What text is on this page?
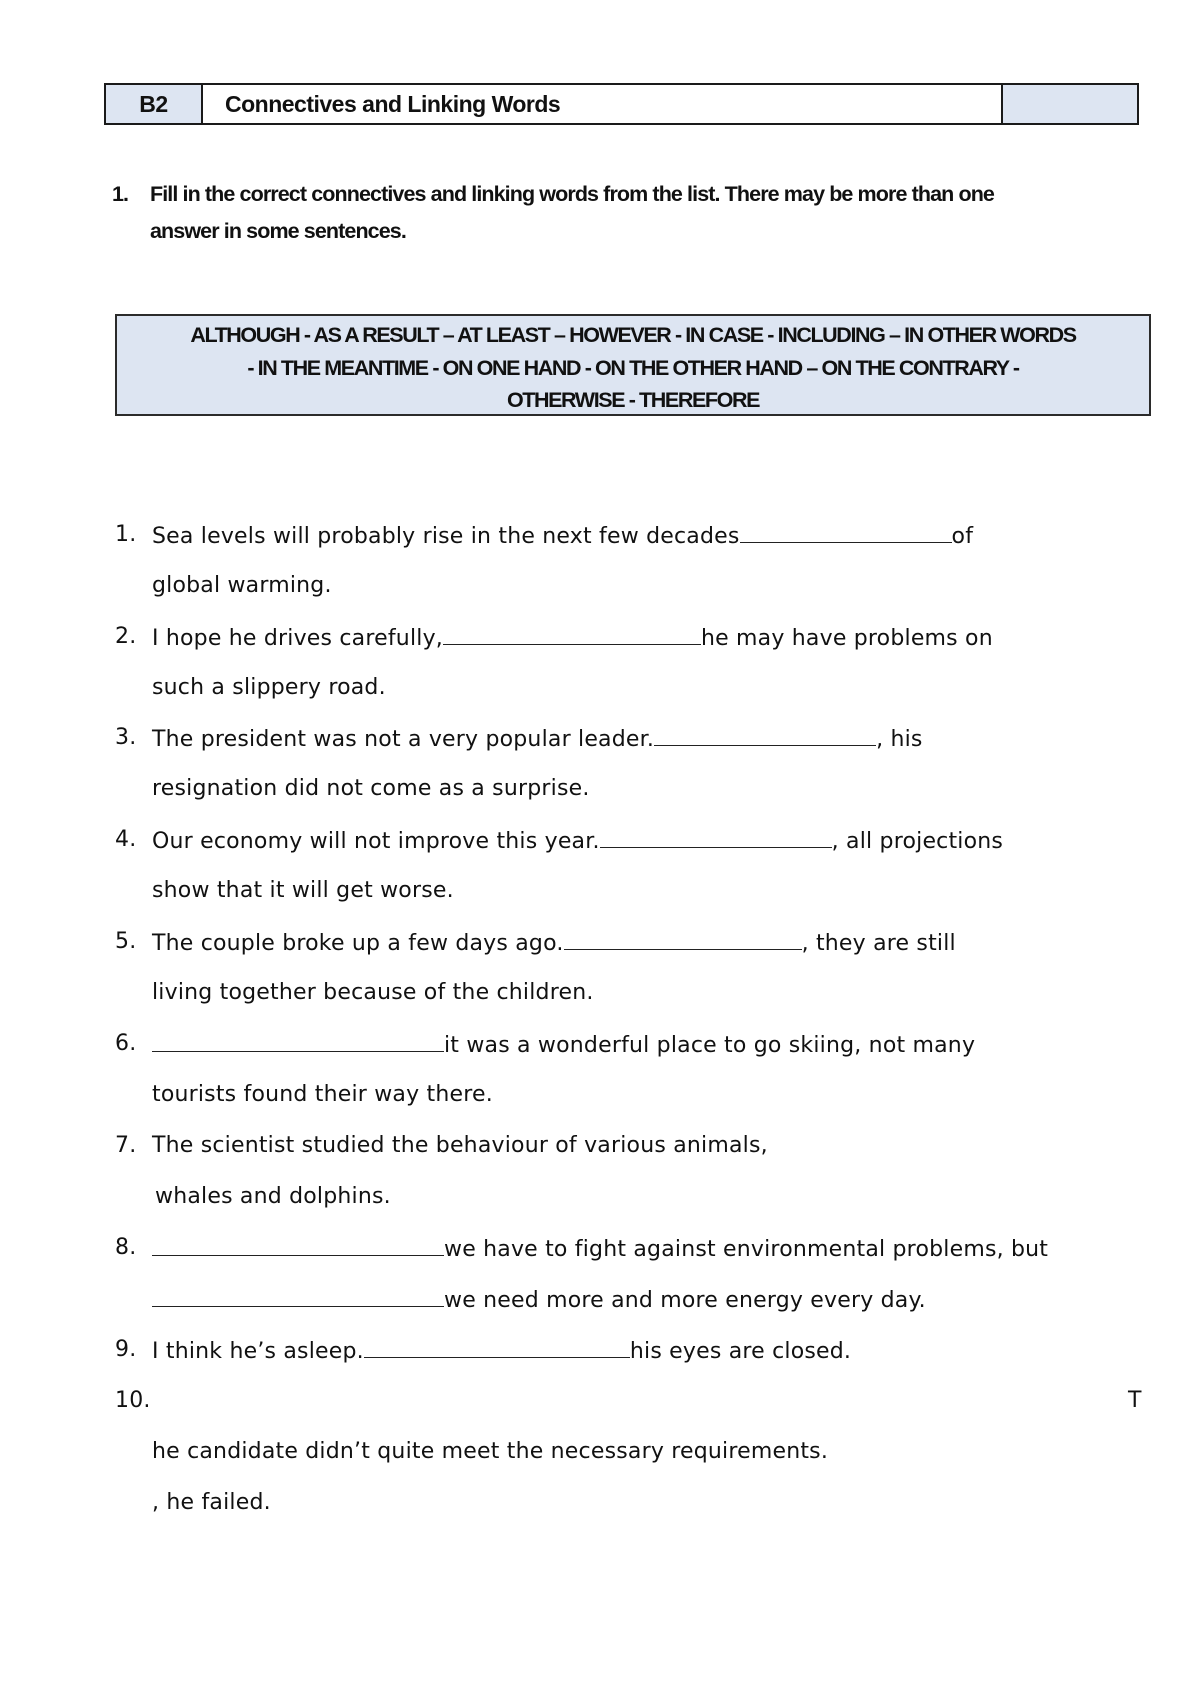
B2	Connectives and Linking Words
1. Fill in the correct connectives and linking words from the list. There may be more than one
answer in some sentences.
ALTHOUGH - AS A RESULT – AT LEAST – HOWEVER - IN CASE - INCLUDING – IN OTHER WORDS
- IN THE MEANTIME - ON ONE HAND - ON THE OTHER HAND – ON THE CONTRARY -
OTHERWISE - THEREFORE
1. Sea levels will probably rise in the next few decades	of
global warming.
2. I hope he drives carefully,	he may have problems on
such a slippery road.
3. The president was not a very popular leader.	, his
resignation did not come as a surprise.
4. Our economy will not improve this year.	, all projections
show that it will get worse.
5. The couple broke up a few days ago.	, they are still
living together because of the children.
6.	it was a wonderful place to go skiing, not many
tourists found their way there.
7. The scientist studied the behaviour of various animals,
whales and dolphins.
8.	we have to fight against environmental problems, but
we need more and more energy every day.
9. I think he’s asleep.	his eyes are closed.
10.	T
he candidate didn’t quite meet the necessary requirements.
, he failed.
